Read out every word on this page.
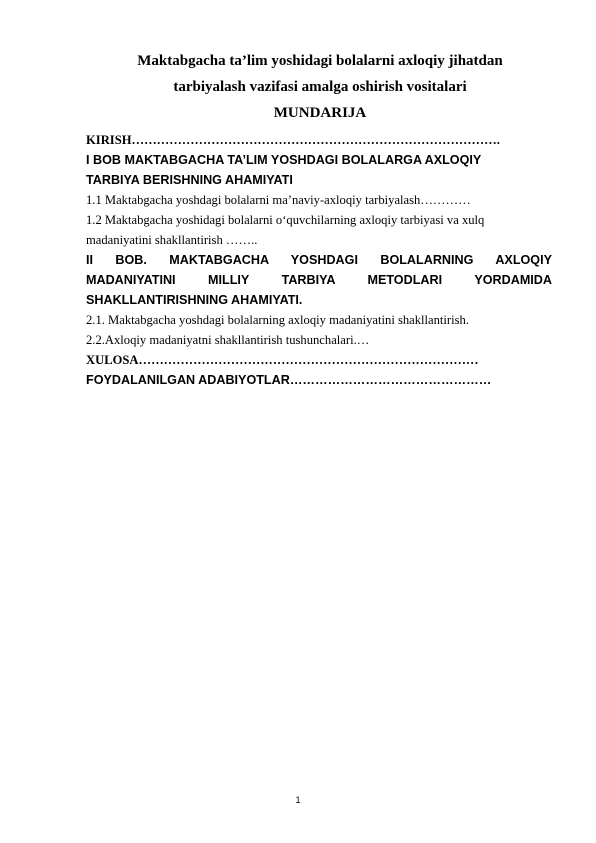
Maktabgacha ta’lim yoshidagi bolalarni axloqiy jihatdan
tarbiyalash vazifasi amalga oshirish vositalari
MUNDARIJA
KIRISH…………………………………………………………………………….
I BOB MAKTABGACHA TA’LIM YOSHDAGI BOLALARGA AXLOQIY
TARBIYA BERISHNING AHAMIYATI
1.1 Maktabgacha yoshdagi bolalarni ma’naviy-axloqiy tarbiyalash…………
1.2 Maktabgacha yoshidagi bolalarni o‘quvchilarning axloqiy tarbiyasi va xulq
madaniyatini shakllantirish ……..
II BOB. MAKTABGACHA YOSHDAGI BOLALARNING AXLOQIY
MADANIYATINI MILLIY TARBIYA METODLARI YORDAMIDA
SHAKLLANTIRISHNING AHAMIYATI.
2.1. Maktabgacha yoshdagi bolalarning axloqiy madaniyatini shakllantirish.
2.2.Axloqiy madaniyatni shakllantirish tushunchalari.…
XULOSA………………………………………………………………………
FOYDALANILGAN ADABIYOTLAR…………………………………………
1
